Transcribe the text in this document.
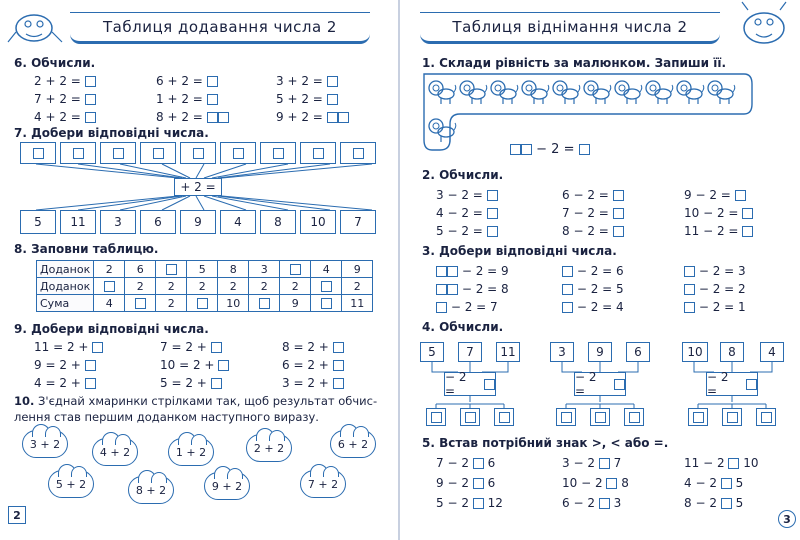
Таблиця додавання числа 2
6. Обчисли.
2 + 2 =
7 + 2 =
4 + 2 =
6 + 2 =
1 + 2 =
8 + 2 =
3 + 2 =
5 + 2 =
9 + 2 =
7. Добери відповідні числа.
+ 2 =
5	11	3	6	9	4	8	10	7
8. Заповни таблицю.
Доданок	2	6		5	8	3		4	9
Доданок		2	2	2	2	2	2		2
Сума	4		2		10		9		11
9. Добери відповідні числа.
11 = 2 +
9 = 2 +
4 = 2 +
7 = 2 +
10 = 2 +
5 = 2 +
8 = 2 +
6 = 2 +
3 = 2 +
10. З'єднай хмаринки стрілками так, щоб результат обчис-
лення став першим доданком наступного виразу.
3 + 2
4 + 2	1 + 2	2 + 2	6 + 2
5 + 2	8 + 2	9 + 2	7 + 2
2
Таблиця віднімання числа 2
1. Склади рівність за малюнком. Запиши її.
− 2 =
2. Обчисли.
3 − 2 =
4 − 2 =
5 − 2 =
6 − 2 =
7 − 2 =
8 − 2 =
9 − 2 =
10 − 2 =
11 − 2 =
3. Добери відповідні числа.
− 2 = 9
− 2 = 8
− 2 = 7
− 2 = 6
− 2 = 5
− 2 = 4
− 2 = 3
− 2 = 2
− 2 = 1
4. Обчисли.
5	7	11
− 2 =

3	9	6
− 2 =

10	8	4
− 2 =

5. Встав потрібний знак >, < або =.
7 − 2 6
9 − 2 6
5 − 2 12
3 − 2 7
10 − 2 8
6 − 2 3
11 − 2 10
4 − 2 5
8 − 2 5
3
